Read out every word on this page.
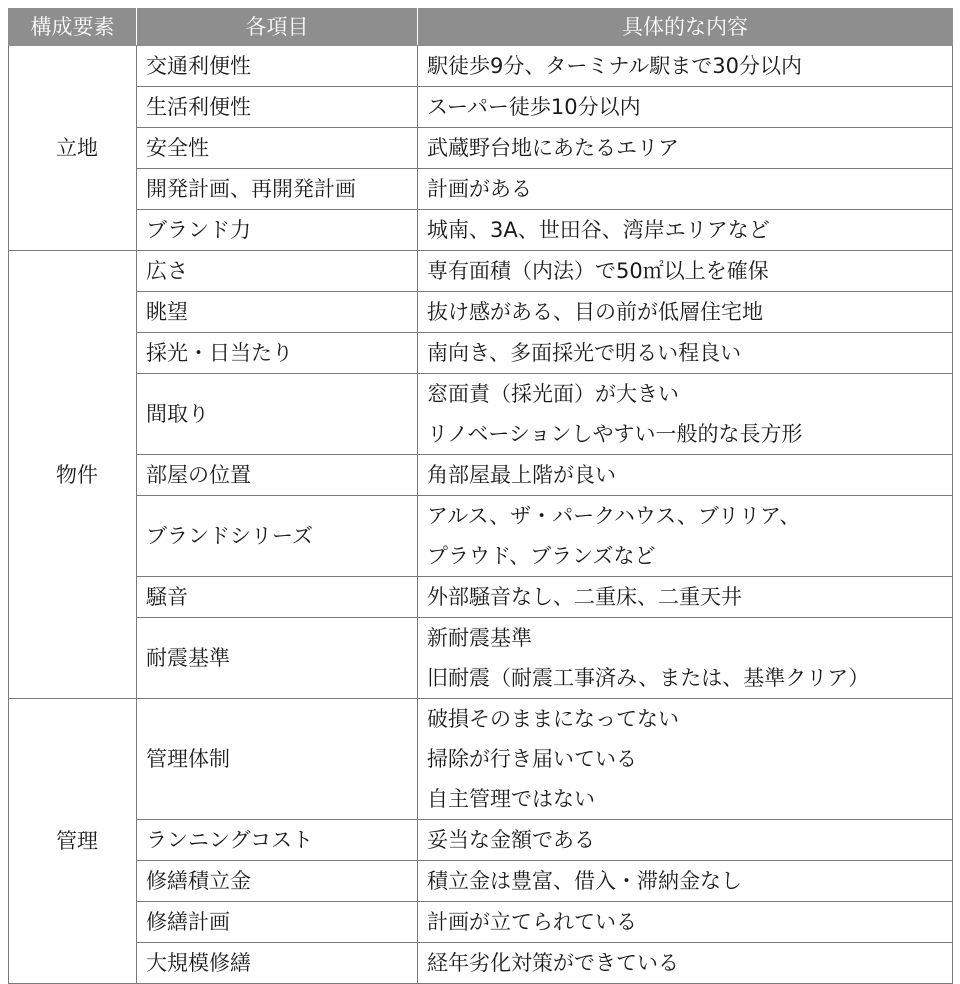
構成要素	各項目	具体的な内容
立地	交通利便性	駅徒歩9分、ターミナル駅まで30分以内
	生活利便性	スーパー徒歩10分以内
	安全性	武蔵野台地にあたるエリア
	開発計画、再開発計画	計画がある
	ブランド力	城南、3A、世田谷、湾岸エリアなど
物件	広さ	専有面積（内法）で50㎡以上を確保
	眺望	抜け感がある、目の前が低層住宅地
	採光・日当たり	南向き、多面採光で明るい程良い
	間取り	窓面責（採光面）が大きい
リノベーションしやすい一般的な長方形

	部屋の位置	角部屋最上階が良い
	ブランドシリーズ	アルス、ザ・パークハウス、ブリリア、
プラウド、ブランズなど

	騒音	外部騒音なし、二重床、二重天井
	耐震基準	新耐震基準
旧耐震（耐震工事済み、または、基準クリア）

管理	管理体制	破損そのままになってない
掃除が行き届いている
自主管理ではない

	ランニングコスト	妥当な金額である
	修繕積立金	積立金は豊富、借入・滞納金なし
	修繕計画	計画が立てられている
	大規模修繕	経年劣化対策ができている
